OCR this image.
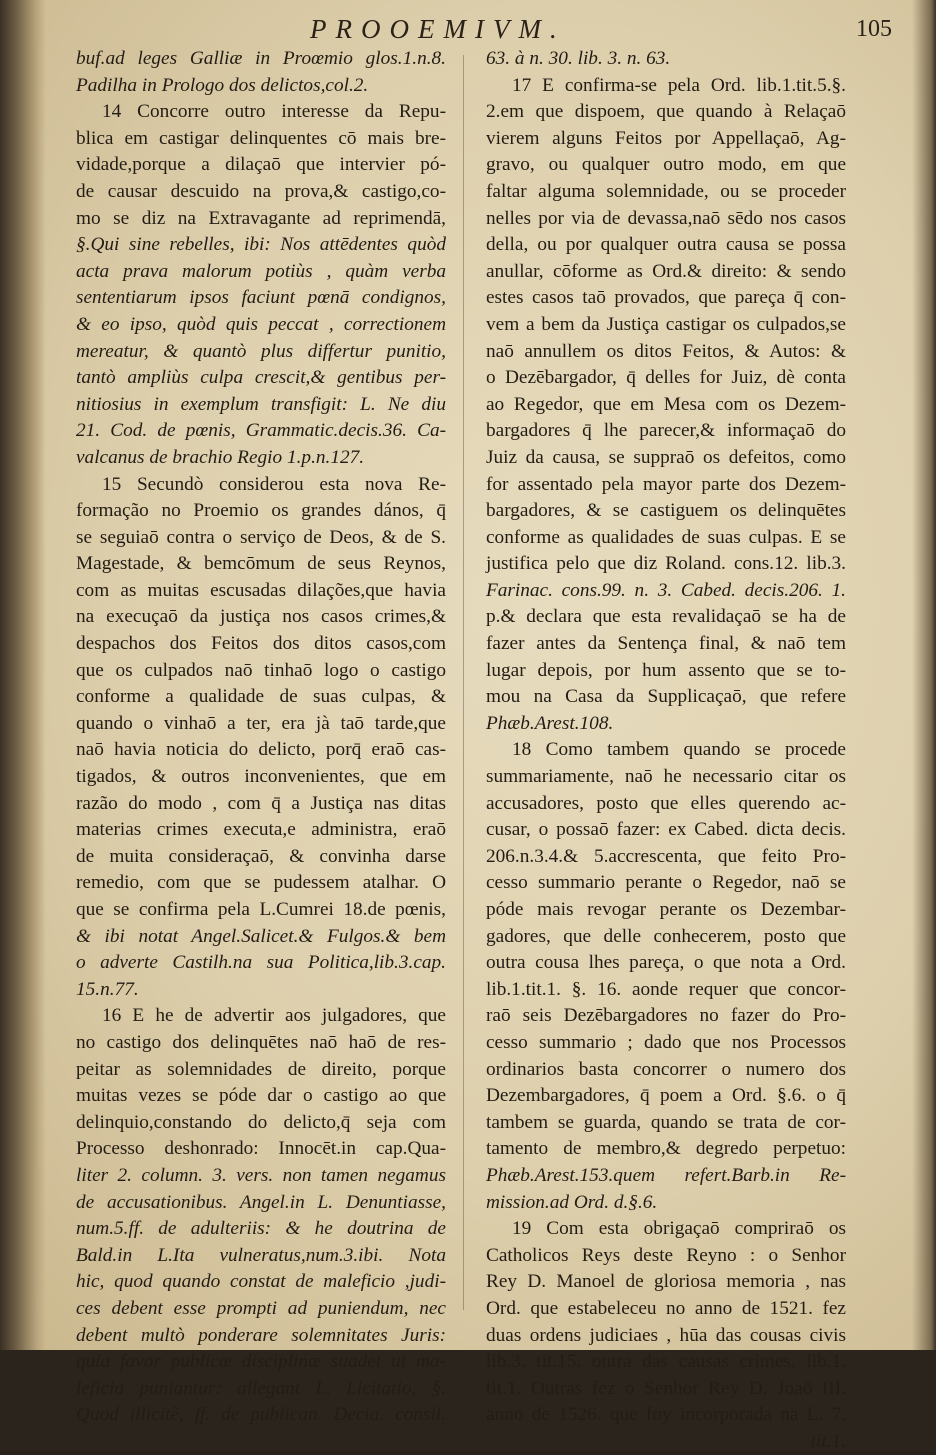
PROOEMIVM.	105
buf.ad leges Galliæ in Proœmio glos.1.n.8.
Padilha in Prologo dos delictos,col.2.
14 Concorre outro interesse da Repu-
blica em castigar delinquentes cō mais bre-
vidade,porque a dilaçaō que intervier pó-
de causar descuido na prova,& castigo,co-
mo se diz na Extravagante ad reprimendā,
§.Qui sine rebelles, ibi: Nos attēdentes quòd
acta prava malorum potiùs , quàm verba
sententiarum ipsos faciunt pœnā condignos,
& eo ipso, quòd quis peccat , correctionem
mereatur, & quantò plus differtur punitio,
tantò ampliùs culpa crescit,& gentibus per-
nitiosius in exemplum transfigit: L. Ne diu
21. Cod. de pœnis, Grammatic.decis.36. Ca-
valcanus de brachio Regio 1.p.n.127.
15 Secundò considerou esta nova Re-
formação no Proemio os grandes dános, q̄
se seguiaō contra o serviço de Deos, & de S.
Magestade, & bemcōmum de seus Reynos,
com as muitas escusadas dilações,que havia
na execuçaō da justiça nos casos crimes,&
despachos dos Feitos dos ditos casos,com
que os culpados naō tinhaō logo o castigo
conforme a qualidade de suas culpas, &
quando o vinhaō a ter, era jà taō tarde,que
naō havia noticia do delicto, porq̄ eraō cas-
tigados, & outros inconvenientes, que em
razão do modo , com q̄ a Justiça nas ditas
materias crimes executa,e administra, eraō
de muita consideraçaō, & convinha darse
remedio, com que se pudessem atalhar. O
que se confirma pela L.Cumrei 18.de pœnis,
& ibi notat Angel.Salicet.& Fulgos.& bem
o adverte Castilh.na sua Politica,lib.3.cap.
15.n.77.
16 E he de advertir aos julgadores, que
no castigo dos delinquētes naō haō de res-
peitar as solemnidades de direito, porque
muitas vezes se póde dar o castigo ao que
delinquio,constando do delicto,q̄ seja com
Processo deshonrado: Innocēt.in cap.Qua-
liter 2. column. 3. vers. non tamen negamus
de accusationibus. Angel.in L. Denuntiasse,
num.5.ff. de adulteriis: & he doutrina de
Bald.in L.Ita vulneratus,num.3.ibi. Nota
hic, quod quando constat de maleficio ,judi-
ces debent esse prompti ad puniendum, nec
debent multò ponderare solemnitates Juris:
quia favor publicæ disciplinæ suadet ut ma-
leficia puniantur: allegant L. Licitatio, §.
Quod illicitè, ff. de publican. Decia. consil.
63. à n. 30. lib. 3. n. 63.
17 E confirma-se pela Ord. lib.1.tit.5.§.
2.em que dispoem, que quando à Relaçaō
vierem alguns Feitos por Appellaçaō, Ag-
gravo, ou qualquer outro modo, em que
faltar alguma solemnidade, ou se proceder
nelles por via de devassa,naō sēdo nos casos
della, ou por qualquer outra causa se possa
anullar, cōforme as Ord.& direito: & sendo
estes casos taō provados, que pareça q̄ con-
vem a bem da Justiça castigar os culpados,se
naō annullem os ditos Feitos, & Autos: &
o Dezēbargador, q̄ delles for Juiz, dè conta
ao Regedor, que em Mesa com os Dezem-
bargadores q̄ lhe parecer,& informaçaō do
Juiz da causa, se suppraō os defeitos, como
for assentado pela mayor parte dos Dezem-
bargadores, & se castiguem os delinquētes
conforme as qualidades de suas culpas. E se
justifica pelo que diz Roland. cons.12. lib.3.
Farinac. cons.99. n. 3. Cabed. decis.206. 1.
p.& declara que esta revalidaçaō se ha de
fazer antes da Sentença final, & naō tem
lugar depois, por hum assento que se to-
mou na Casa da Supplicaçaō, que refere
Phæb.Arest.108.
18 Como tambem quando se procede
summariamente, naō he necessario citar os
accusadores, posto que elles querendo ac-
cusar, o possaō fazer: ex Cabed. dicta decis.
206.n.3.4.& 5.accrescenta, que feito Pro-
cesso summario perante o Regedor, naō se
póde mais revogar perante os Dezembar-
gadores, que delle conhecerem, posto que
outra cousa lhes pareça, o que nota a Ord.
lib.1.tit.1. §. 16. aonde requer que concor-
raō seis Dezēbargadores no fazer do Pro-
cesso summario ; dado que nos Processos
ordinarios basta concorrer o numero dos
Dezembargadores, q̄ poem a Ord. §.6. o q̄
tambem se guarda, quando se trata de cor-
tamento de membro,& degredo perpetuo:
Phæb.Arest.153.quem refert.Barb.in Re-
mission.ad Ord. d.§.6.
19 Com esta obrigaçaō compriraō os
Catholicos Reys deste Reyno : o Senhor
Rey D. Manoel de gloriosa memoria , nas
Ord. que estabeleceu no anno de 1521. fez
duas ordens judiciaes , hūa das cousas civis
lib.3. tit.15. outra das causas crimes, lib.1.
tit.1. Outras fez o Senhor Rey D. Joaō III.
anno de 1526. que foy incorporada na L. 7.
tit.1.
